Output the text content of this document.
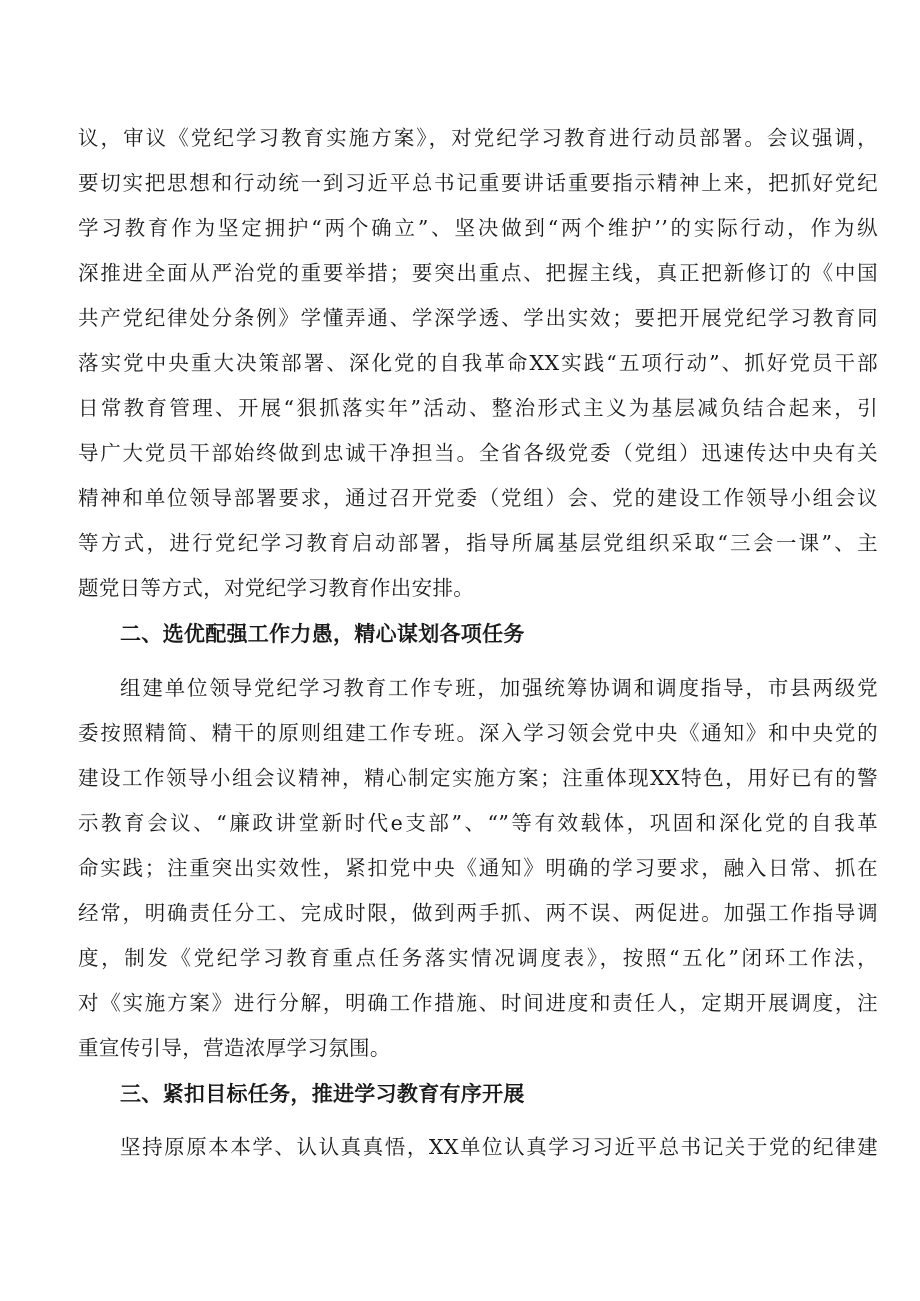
议，审议《党纪学习教育实施方案》，对党纪学习教育进行动员部署。会议强调，
要切实把思想和行动统一到习近平总书记重要讲话重要指示精神上来，把抓好党纪
学习教育作为坚定拥护“两个确立”、坚决做到“两个维护’’的实际行动，作为纵
深推进全面从严治党的重要举措；要突出重点、把握主线，真正把新修订的《中国
共产党纪律处分条例》学懂弄通、学深学透、学出实效；要把开展党纪学习教育同
落实党中央重大决策部署、深化党的自我革命XX实践“五项行动”、抓好党员干部
日常教育管理、开展“狠抓落实年”活动、整治形式主义为基层减负结合起来，引
导广大党员干部始终做到忠诚干净担当。全省各级党委（党组）迅速传达中央有关
精神和单位领导部署要求，通过召开党委（党组）会、党的建设工作领导小组会议
等方式，进行党纪学习教育启动部署，指导所属基层党组织采取“三会一课”、主
题党日等方式，对党纪学习教育作出安排。
二、选优配强工作力愚，精心谋划各项任务
组建单位领导党纪学习教育工作专班，加强统筹协调和调度指导，市县两级党
委按照精简、精干的原则组建工作专班。深入学习领会党中央《通知》和中央党的
建设工作领导小组会议精神，精心制定实施方案；注重体现XX特色，用好已有的警
示教育会议、“廉政讲堂新时代e支部”、“”等有效载体，巩固和深化党的自我革
命实践；注重突出实效性，紧扣党中央《通知》明确的学习要求，融入日常、抓在
经常，明确责任分工、完成时限，做到两手抓、两不误、两促进。加强工作指导调
度，制发《党纪学习教育重点任务落实情况调度表》，按照“五化”闭环工作法，
对《实施方案》进行分解，明确工作措施、时间进度和责任人，定期开展调度，注
重宣传引导，营造浓厚学习氛围。
三、紧扣目标任务，推进学习教育有序开展
坚持原原本本学、认认真真悟，XX单位认真学习习近平总书记关于党的纪律建
